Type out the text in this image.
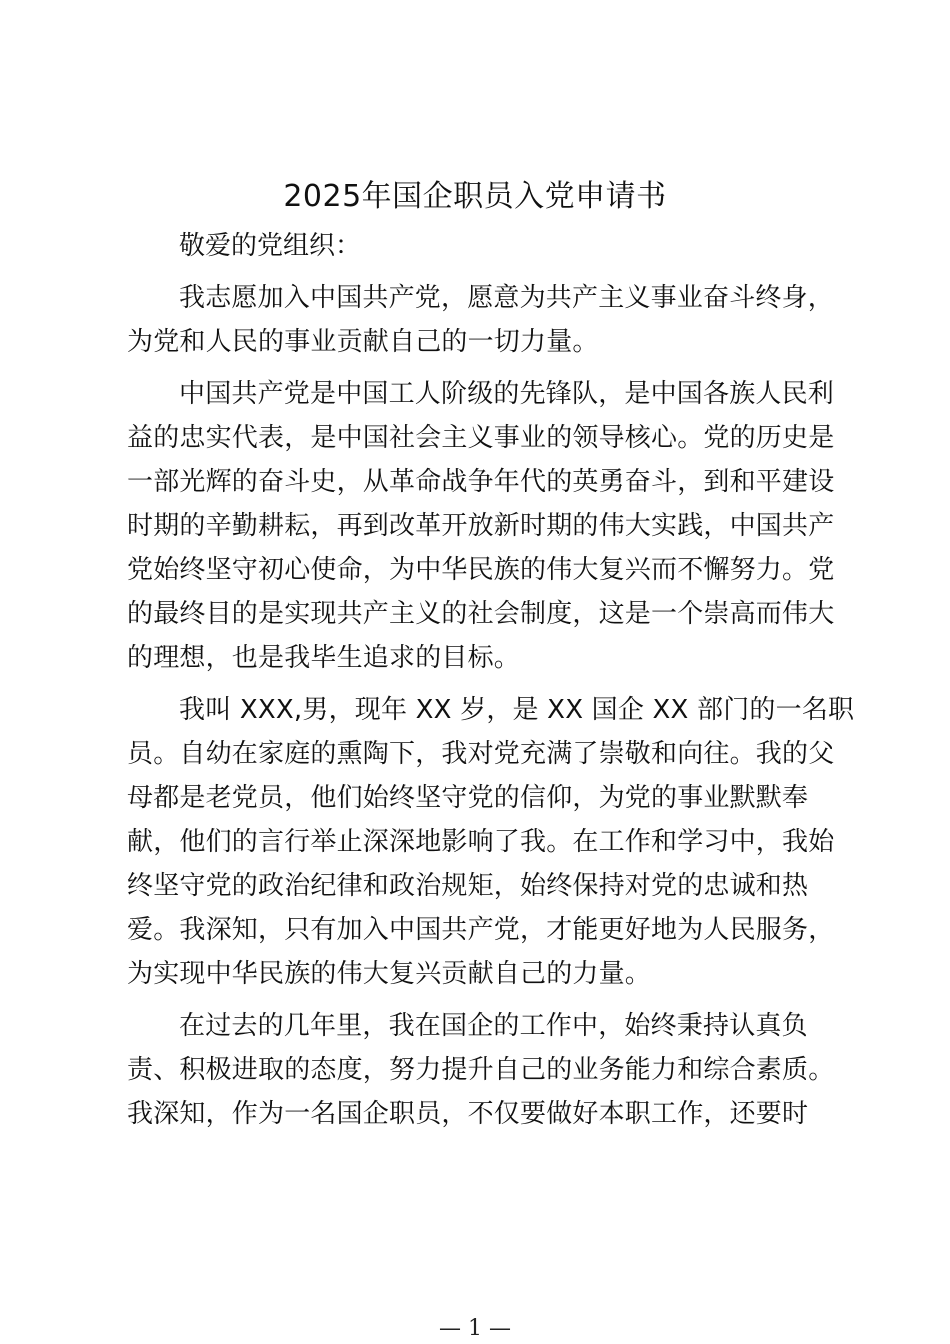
2025年国企职员入党申请书

敬爱的党组织：

我志愿加入中国共产党，愿意为共产主义事业奋斗终身，
为党和人民的事业贡献自己的一切力量。

中国共产党是中国工人阶级的先锋队，是中国各族人民利
益的忠实代表，是中国社会主义事业的领导核心。党的历史是
一部光辉的奋斗史，从革命战争年代的英勇奋斗，到和平建设
时期的辛勤耕耘，再到改革开放新时期的伟大实践，中国共产
党始终坚守初心使命，为中华民族的伟大复兴而不懈努力。党
的最终目的是实现共产主义的社会制度，这是一个崇高而伟大
的理想，也是我毕生追求的目标。

我叫 XXX,男，现年 XX 岁，是 XX 国企 XX 部门的一名职
员。自幼在家庭的熏陶下，我对党充满了崇敬和向往。我的父
母都是老党员，他们始终坚守党的信仰，为党的事业默默奉
献，他们的言行举止深深地影响了我。在工作和学习中，我始
终坚守党的政治纪律和政治规矩，始终保持对党的忠诚和热
爱。我深知，只有加入中国共产党，才能更好地为人民服务，
为实现中华民族的伟大复兴贡献自己的力量。

在过去的几年里，我在国企的工作中，始终秉持认真负
责、积极进取的态度，努力提升自己的业务能力和综合素质。
我深知，作为一名国企职员，不仅要做好本职工作，还要时

— 1 —
